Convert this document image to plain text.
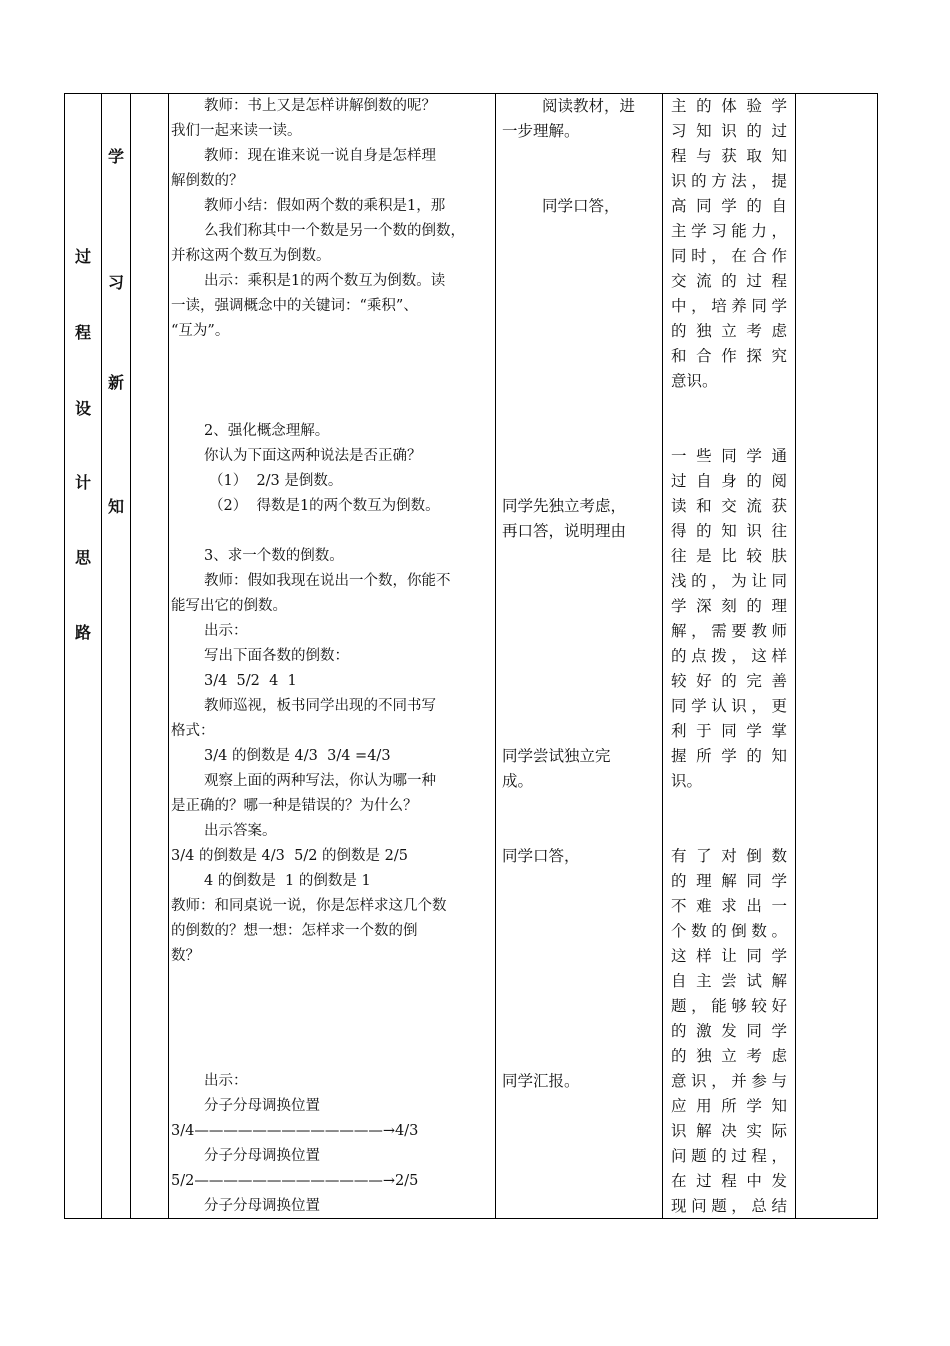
过
程
设
计
思
路
学
习
新
知
教师：书上又是怎样讲解倒数的呢？
我们一起来读一读。
教师：现在谁来说一说自身是怎样理
解倒数的？
教师小结：假如两个数的乘积是1，那
么我们称其中一个数是另一个数的倒数，
并称这两个数互为倒数。
出示：乘积是1的两个数互为倒数。读
一读，强调概念中的关键词：“乘积”、
“互为”。
2、强化概念理解。
你认为下面这两种说法是否正确？
（1）  2/3 是倒数。
（2）  得数是1的两个数互为倒数。
3、求一个数的倒数。
教师：假如我现在说出一个数，你能不
能写出它的倒数。
出示：
写出下面各数的倒数：
3/4  5/2  4  1
教师巡视，板书同学出现的不同书写
格式：
3/4 的倒数是 4/3  3/4 =4/3
观察上面的两种写法，你认为哪一种
是正确的？哪一种是错误的？为什么？
出示答案。
3/4 的倒数是 4/3  5/2 的倒数是 2/5
4 的倒数是  1 的倒数是 1
教师：和同桌说一说，你是怎样求这几个数
的倒数的？想一想：怎样求一个数的倒
数？
出示：
分子分母调换位置
3/4—————————————→4/3
分子分母调换位置
5/2—————————————→2/5
分子分母调换位置
阅读教材，进
一步理解。
同学口答，
同学先独立考虑，
再口答，说明理由
同学尝试独立完
成。
同学口答，
同学汇报。
主的体验学
习知识的过
程与获取知
识的方法，提
高同学的自
主学习能力，
同时，在合作
交流的过程
中，培养同学
的独立考虑
和合作探究
意识。
一些同学通
过自身的阅
读和交流获
得的知识往
往是比较肤
浅的，为让同
学深刻的理
解，需要教师
的点拨，这样
较好的完善
同学认识，更
利于同学掌
握所学的知
识。
有了对倒数
的理解同学
不难求出一
个数的倒数。
这样让同学
自主尝试解
题，能够较好
的激发同学
的独立考虑
意识，并参与
应用所学知
识解决实际
问题的过程，
在过程中发
现问题，总结
